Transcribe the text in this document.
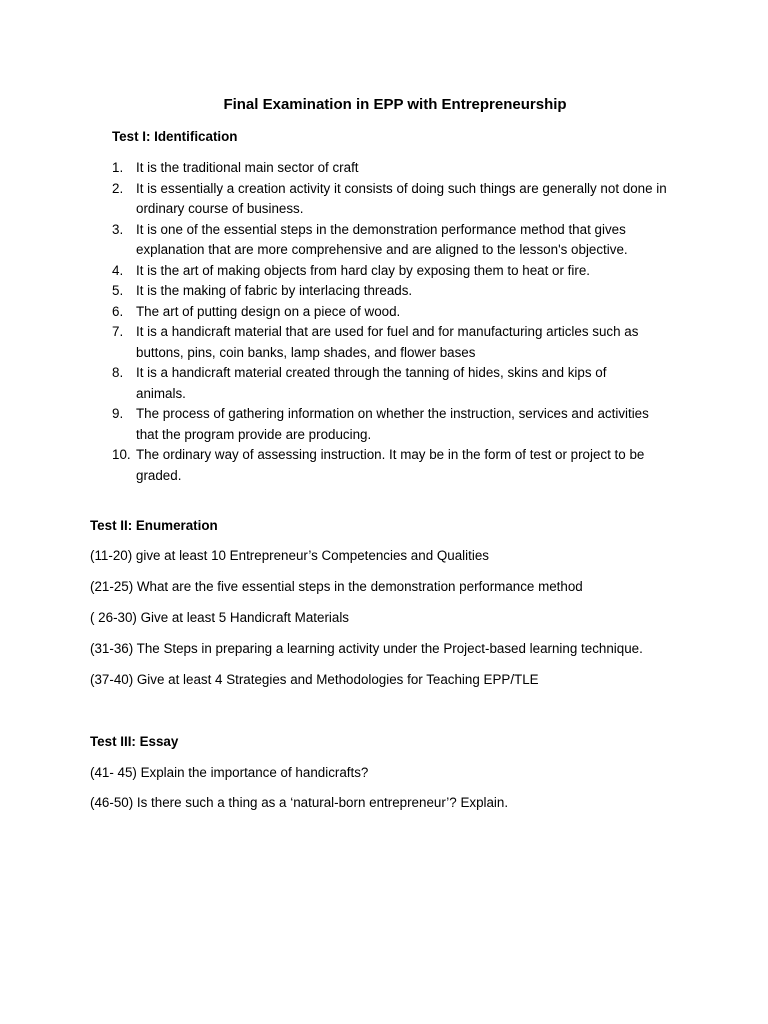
Final Examination in EPP with Entrepreneurship
Test I: Identification
1. It is the traditional main sector of craft
2. It is essentially a creation activity it consists of doing such things are generally not done in ordinary course of business.
3. It is one of the essential steps in the demonstration performance method that gives explanation that are more comprehensive and are aligned to the lesson's objective.
4. It is the art of making objects from hard clay by exposing them to heat or fire.
5. It is the making of fabric by interlacing threads.
6. The art of putting design on a piece of wood.
7. It is a handicraft material that are used for fuel and for manufacturing articles such as buttons, pins, coin banks, lamp shades, and flower bases
8. It is a handicraft material created through the tanning of hides, skins and kips of animals.
9. The process of gathering information on whether the instruction, services and activities that the program provide are producing.
10. The ordinary way of assessing instruction. It may be in the form of test or project to be graded.
Test II: Enumeration
(11-20) give at least 10 Entrepreneur’s Competencies and Qualities
(21-25) What are the five essential steps in the demonstration performance method
( 26-30) Give at least 5 Handicraft Materials
(31-36) The Steps in preparing a learning activity under the Project-based learning technique.
(37-40) Give at least 4 Strategies and Methodologies for Teaching EPP/TLE
Test III: Essay
(41- 45) Explain the importance of handicrafts?
(46-50) Is there such a thing as a ‘natural-born entrepreneur’? Explain.
